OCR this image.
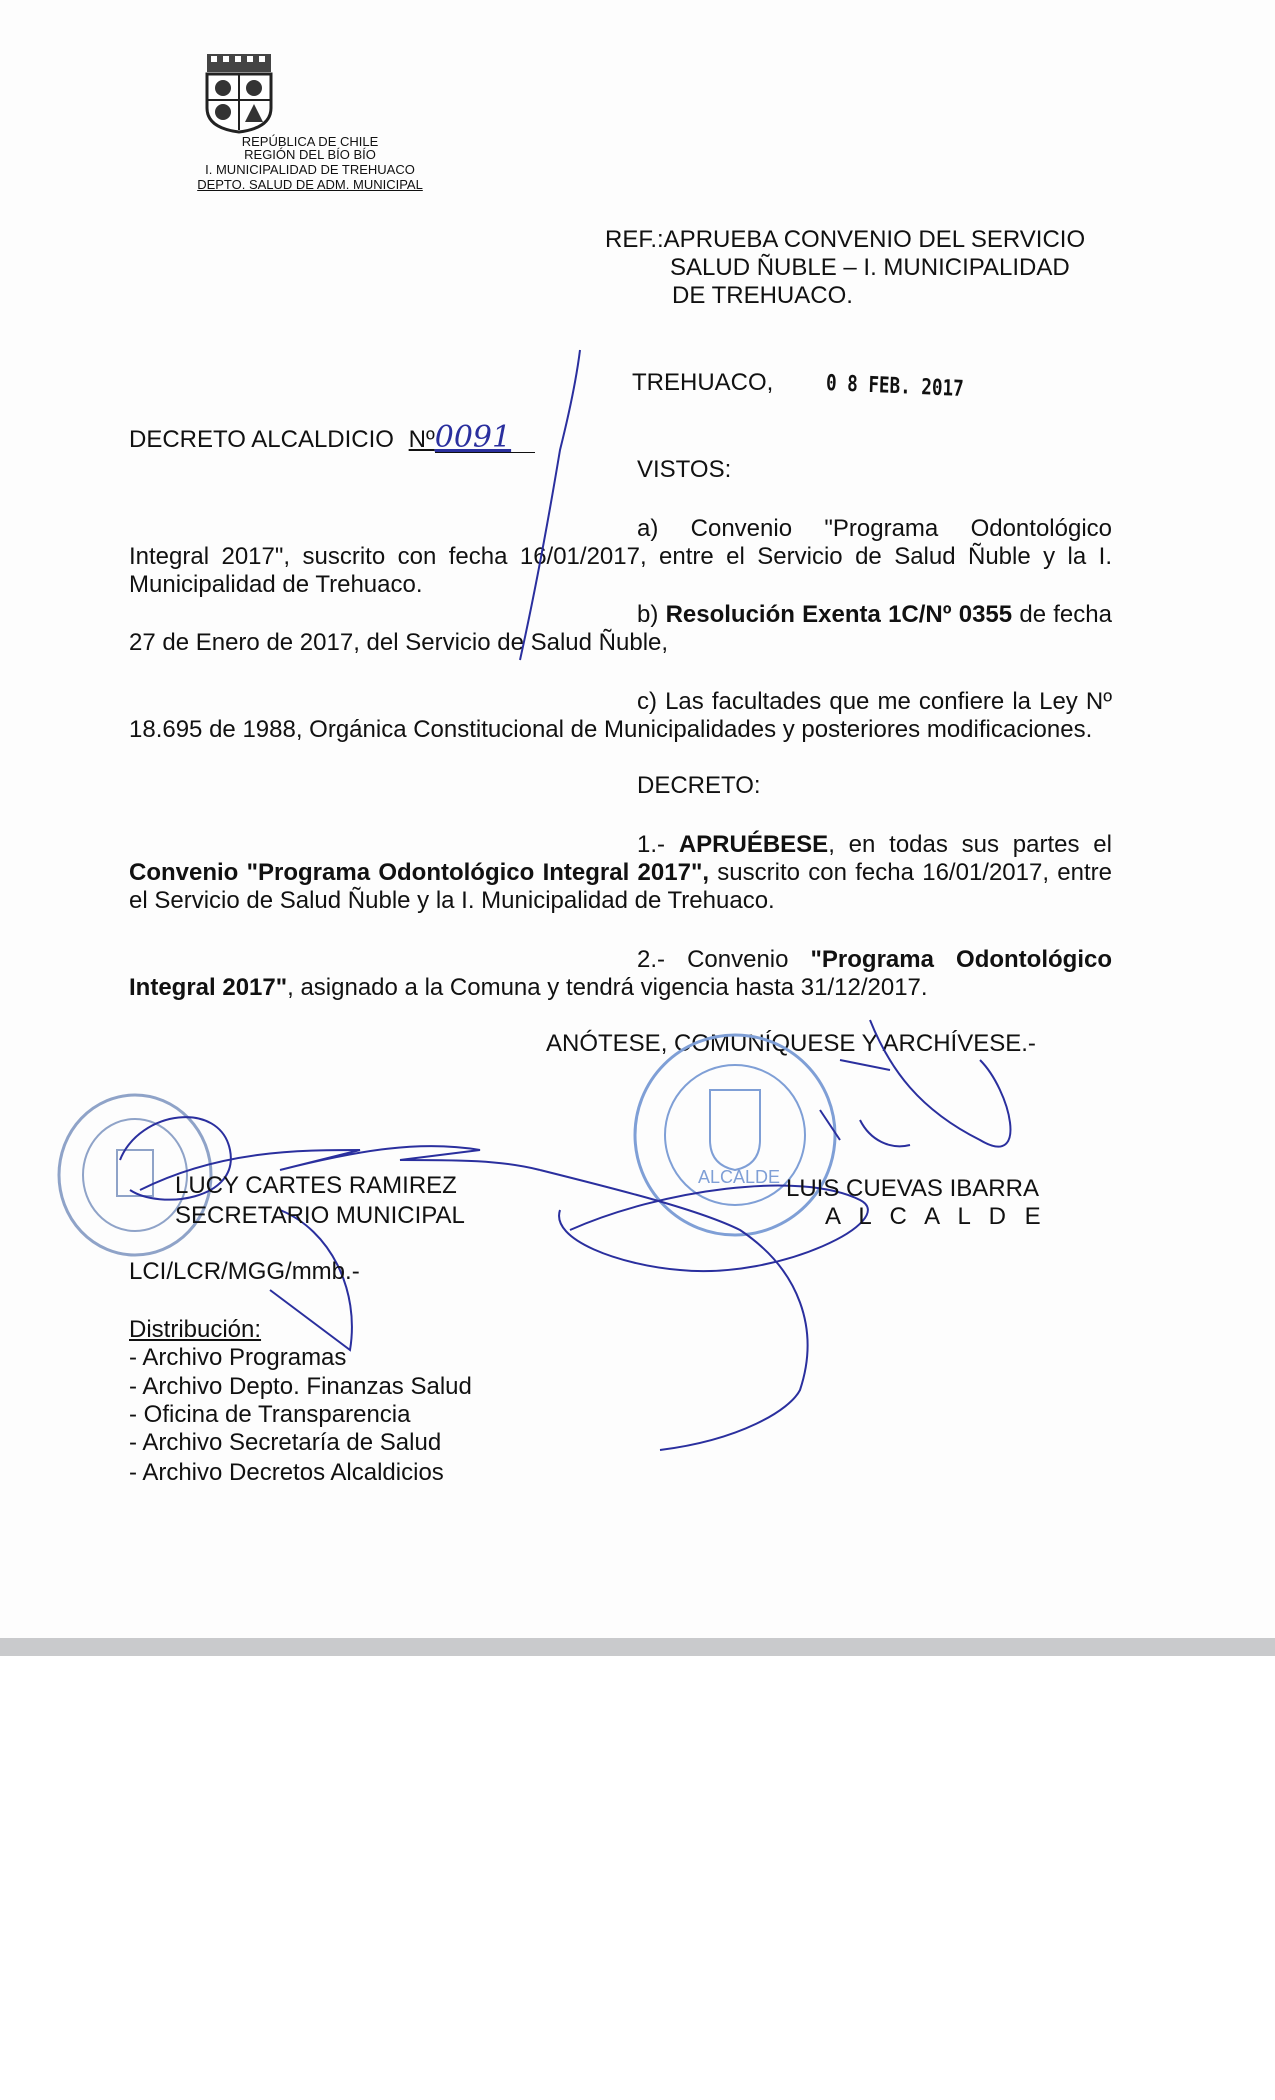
REPÚBLICA DE CHILE
REGIÓN DEL BÍO BÍO
I. MUNICIPALIDAD DE TREHUACO
DEPTO. SALUD DE ADM. MUNICIPAL
REF.:APRUEBA CONVENIO DEL SERVICIO
SALUD ÑUBLE – I. MUNICIPALIDAD
DE TREHUACO.
TREHUACO, 0 8 FEB. 2017
DECRETO ALCALDICIO Nº0091
VISTOS:
a) Convenio "Programa Odontológico Integral 2017", suscrito con fecha 16/01/2017, entre el Servicio de Salud Ñuble y la I. Municipalidad de Trehuaco.
b) Resolución Exenta 1C/Nº 0355 de fecha 27 de Enero de 2017, del Servicio de Salud Ñuble,
c) Las facultades que me confiere la Ley Nº 18.695 de 1988, Orgánica Constitucional de Municipalidades y posteriores modificaciones.
DECRETO:
1.- APRUÉBESE, en todas sus partes el Convenio "Programa Odontológico Integral 2017", suscrito con fecha 16/01/2017, entre el Servicio de Salud Ñuble y la I. Municipalidad de Trehuaco.
2.- Convenio "Programa Odontológico Integral 2017", asignado a la Comuna y tendrá vigencia hasta 31/12/2017.
ANÓTESE, COMUNÍQUESE Y ARCHÍVESE.-
ALCALDE
LUCY CARTES RAMIREZ
SECRETARIO MUNICIPAL
LUIS CUEVAS IBARRA
A L C A L D E
LCI/LCR/MGG/mmb.-
Distribución:
- Archivo Programas
- Archivo Depto. Finanzas Salud
- Oficina de Transparencia
- Archivo Secretaría de Salud
- Archivo Decretos Alcaldicios
